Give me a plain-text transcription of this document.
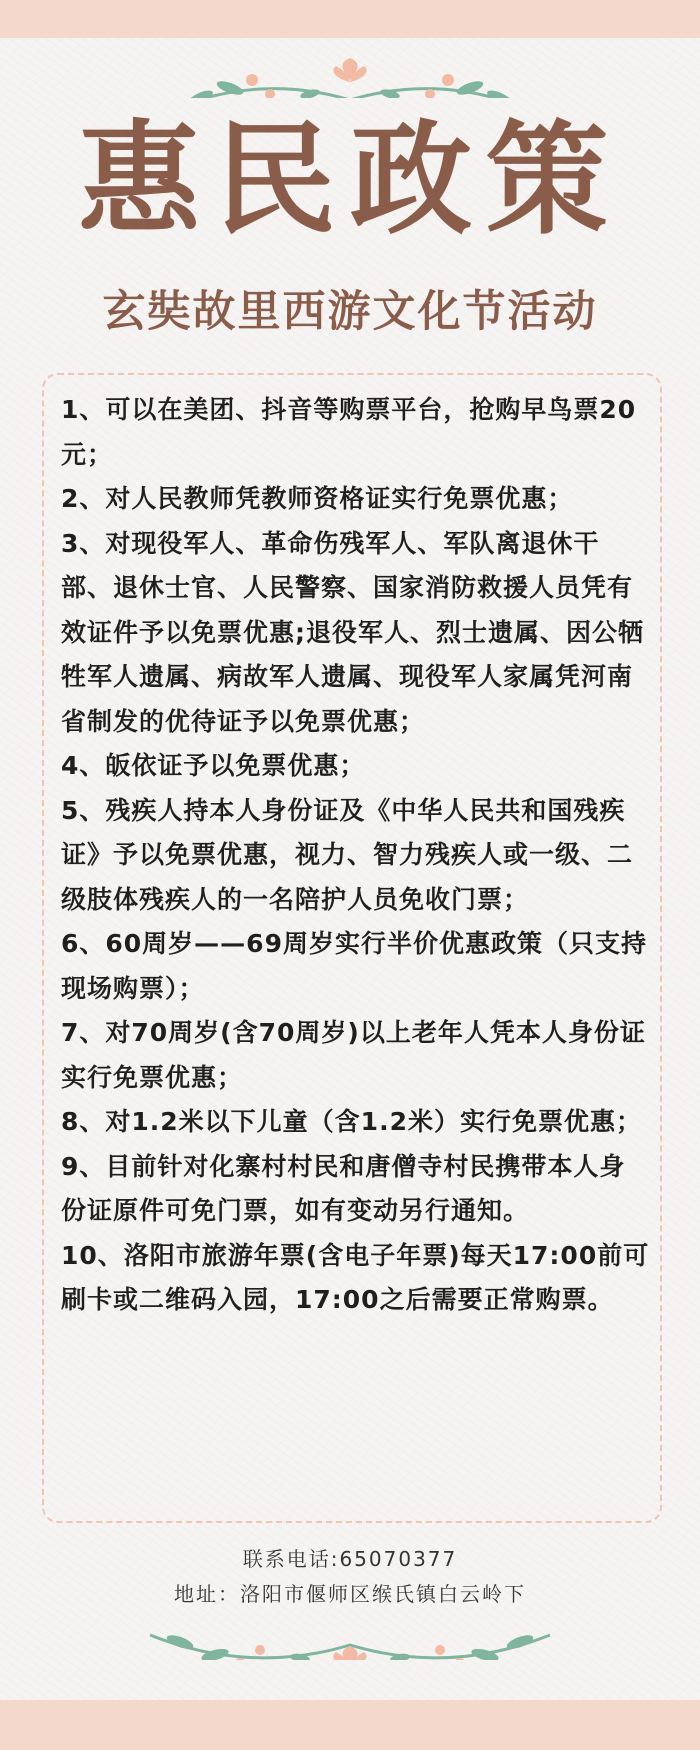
惠民政策
玄奘故里西游文化节活动
1、可以在美团、抖音等购票平台，抢购早鸟票20元；
2、对人民教师凭教师资格证实行免票优惠；
3、对现役军人、革命伤残军人、军队离退休干部、退休士官、人民警察、国家消防救援人员凭有效证件予以免票优惠;退役军人、烈士遗属、因公牺牲军人遗属、病故军人遗属、现役军人家属凭河南省制发的优待证予以免票优惠；
4、皈依证予以免票优惠；
5、残疾人持本人身份证及《中华人民共和国残疾证》予以免票优惠，视力、智力残疾人或一级、二级肢体残疾人的一名陪护人员免收门票；
6、60周岁——69周岁实行半价优惠政策（只支持现场购票）；
7、对70周岁(含70周岁)以上老年人凭本人身份证实行免票优惠；
8、对1.2米以下儿童（含1.2米）实行免票优惠；
9、目前针对化寨村村民和唐僧寺村民携带本人身份证原件可免门票，如有变动另行通知。
10、洛阳市旅游年票(含电子年票)每天17:00前可刷卡或二维码入园，17:00之后需要正常购票。
联系电话:65070377
地址：洛阳市偃师区缑氏镇白云岭下
